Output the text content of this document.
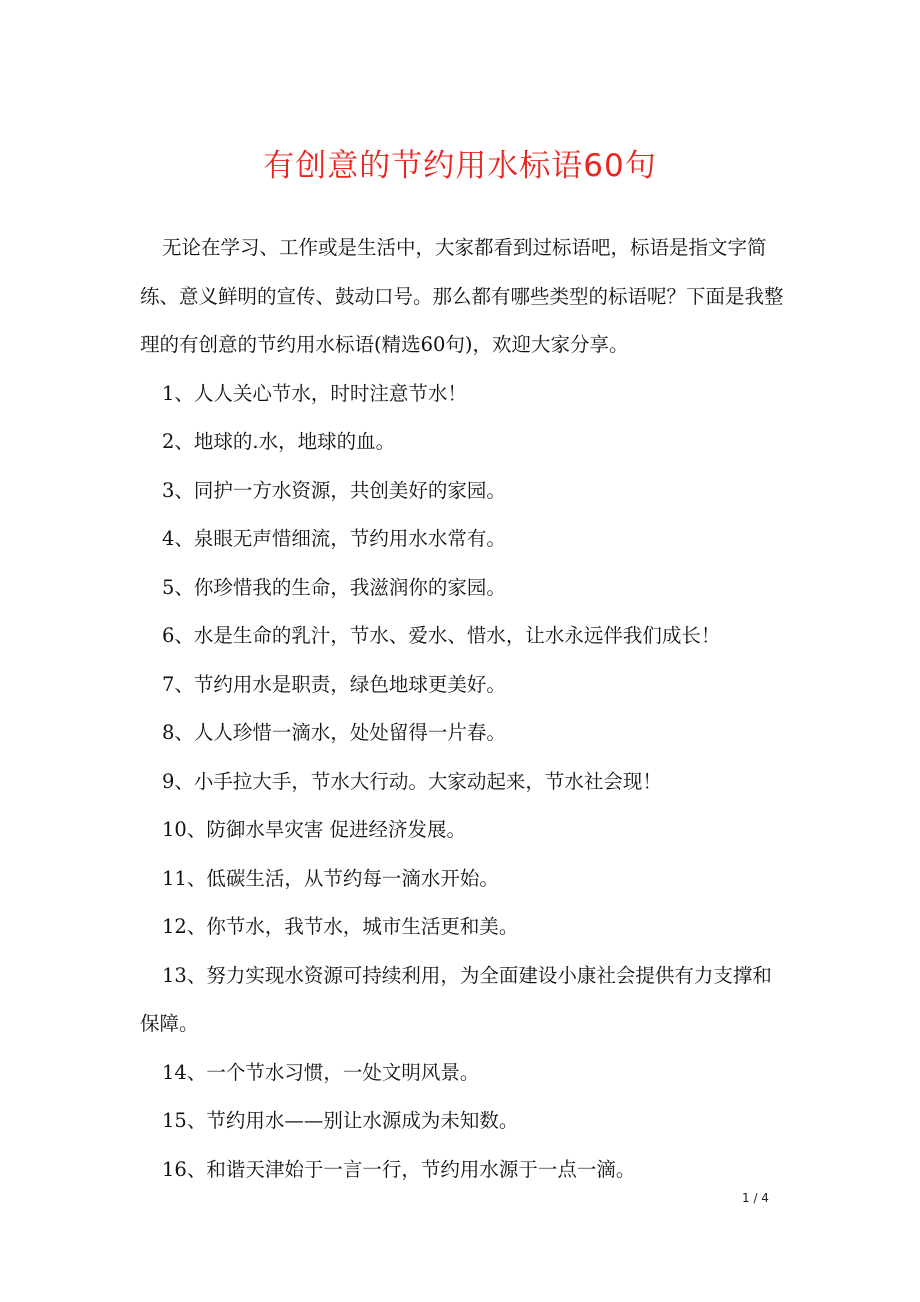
有创意的节约用水标语60句

无论在学习、工作或是生活中，大家都看到过标语吧，标语是指文字简练、意义鲜明的宣传、鼓动口号。那么都有哪些类型的标语呢？下面是我整理的有创意的节约用水标语(精选60句)，欢迎大家分享。

1、人人关心节水，时时注意节水！

2、地球的.水，地球的血。

3、同护一方水资源，共创美好的家园。

4、泉眼无声惜细流，节约用水水常有。

5、你珍惜我的生命，我滋润你的家园。

6、水是生命的乳汁，节水、爱水、惜水，让水永远伴我们成长！

7、节约用水是职责，绿色地球更美好。

8、人人珍惜一滴水，处处留得一片春。

9、小手拉大手，节水大行动。大家动起来，节水社会现！

10、防御水旱灾害 促进经济发展。

11、低碳生活，从节约每一滴水开始。

12、你节水，我节水，城市生活更和美。

13、努力实现水资源可持续利用，为全面建设小康社会提供有力支撑和保障。

14、一个节水习惯，一处文明风景。

15、节约用水——别让水源成为未知数。

16、和谐天津始于一言一行，节约用水源于一点一滴。

1 / 4
